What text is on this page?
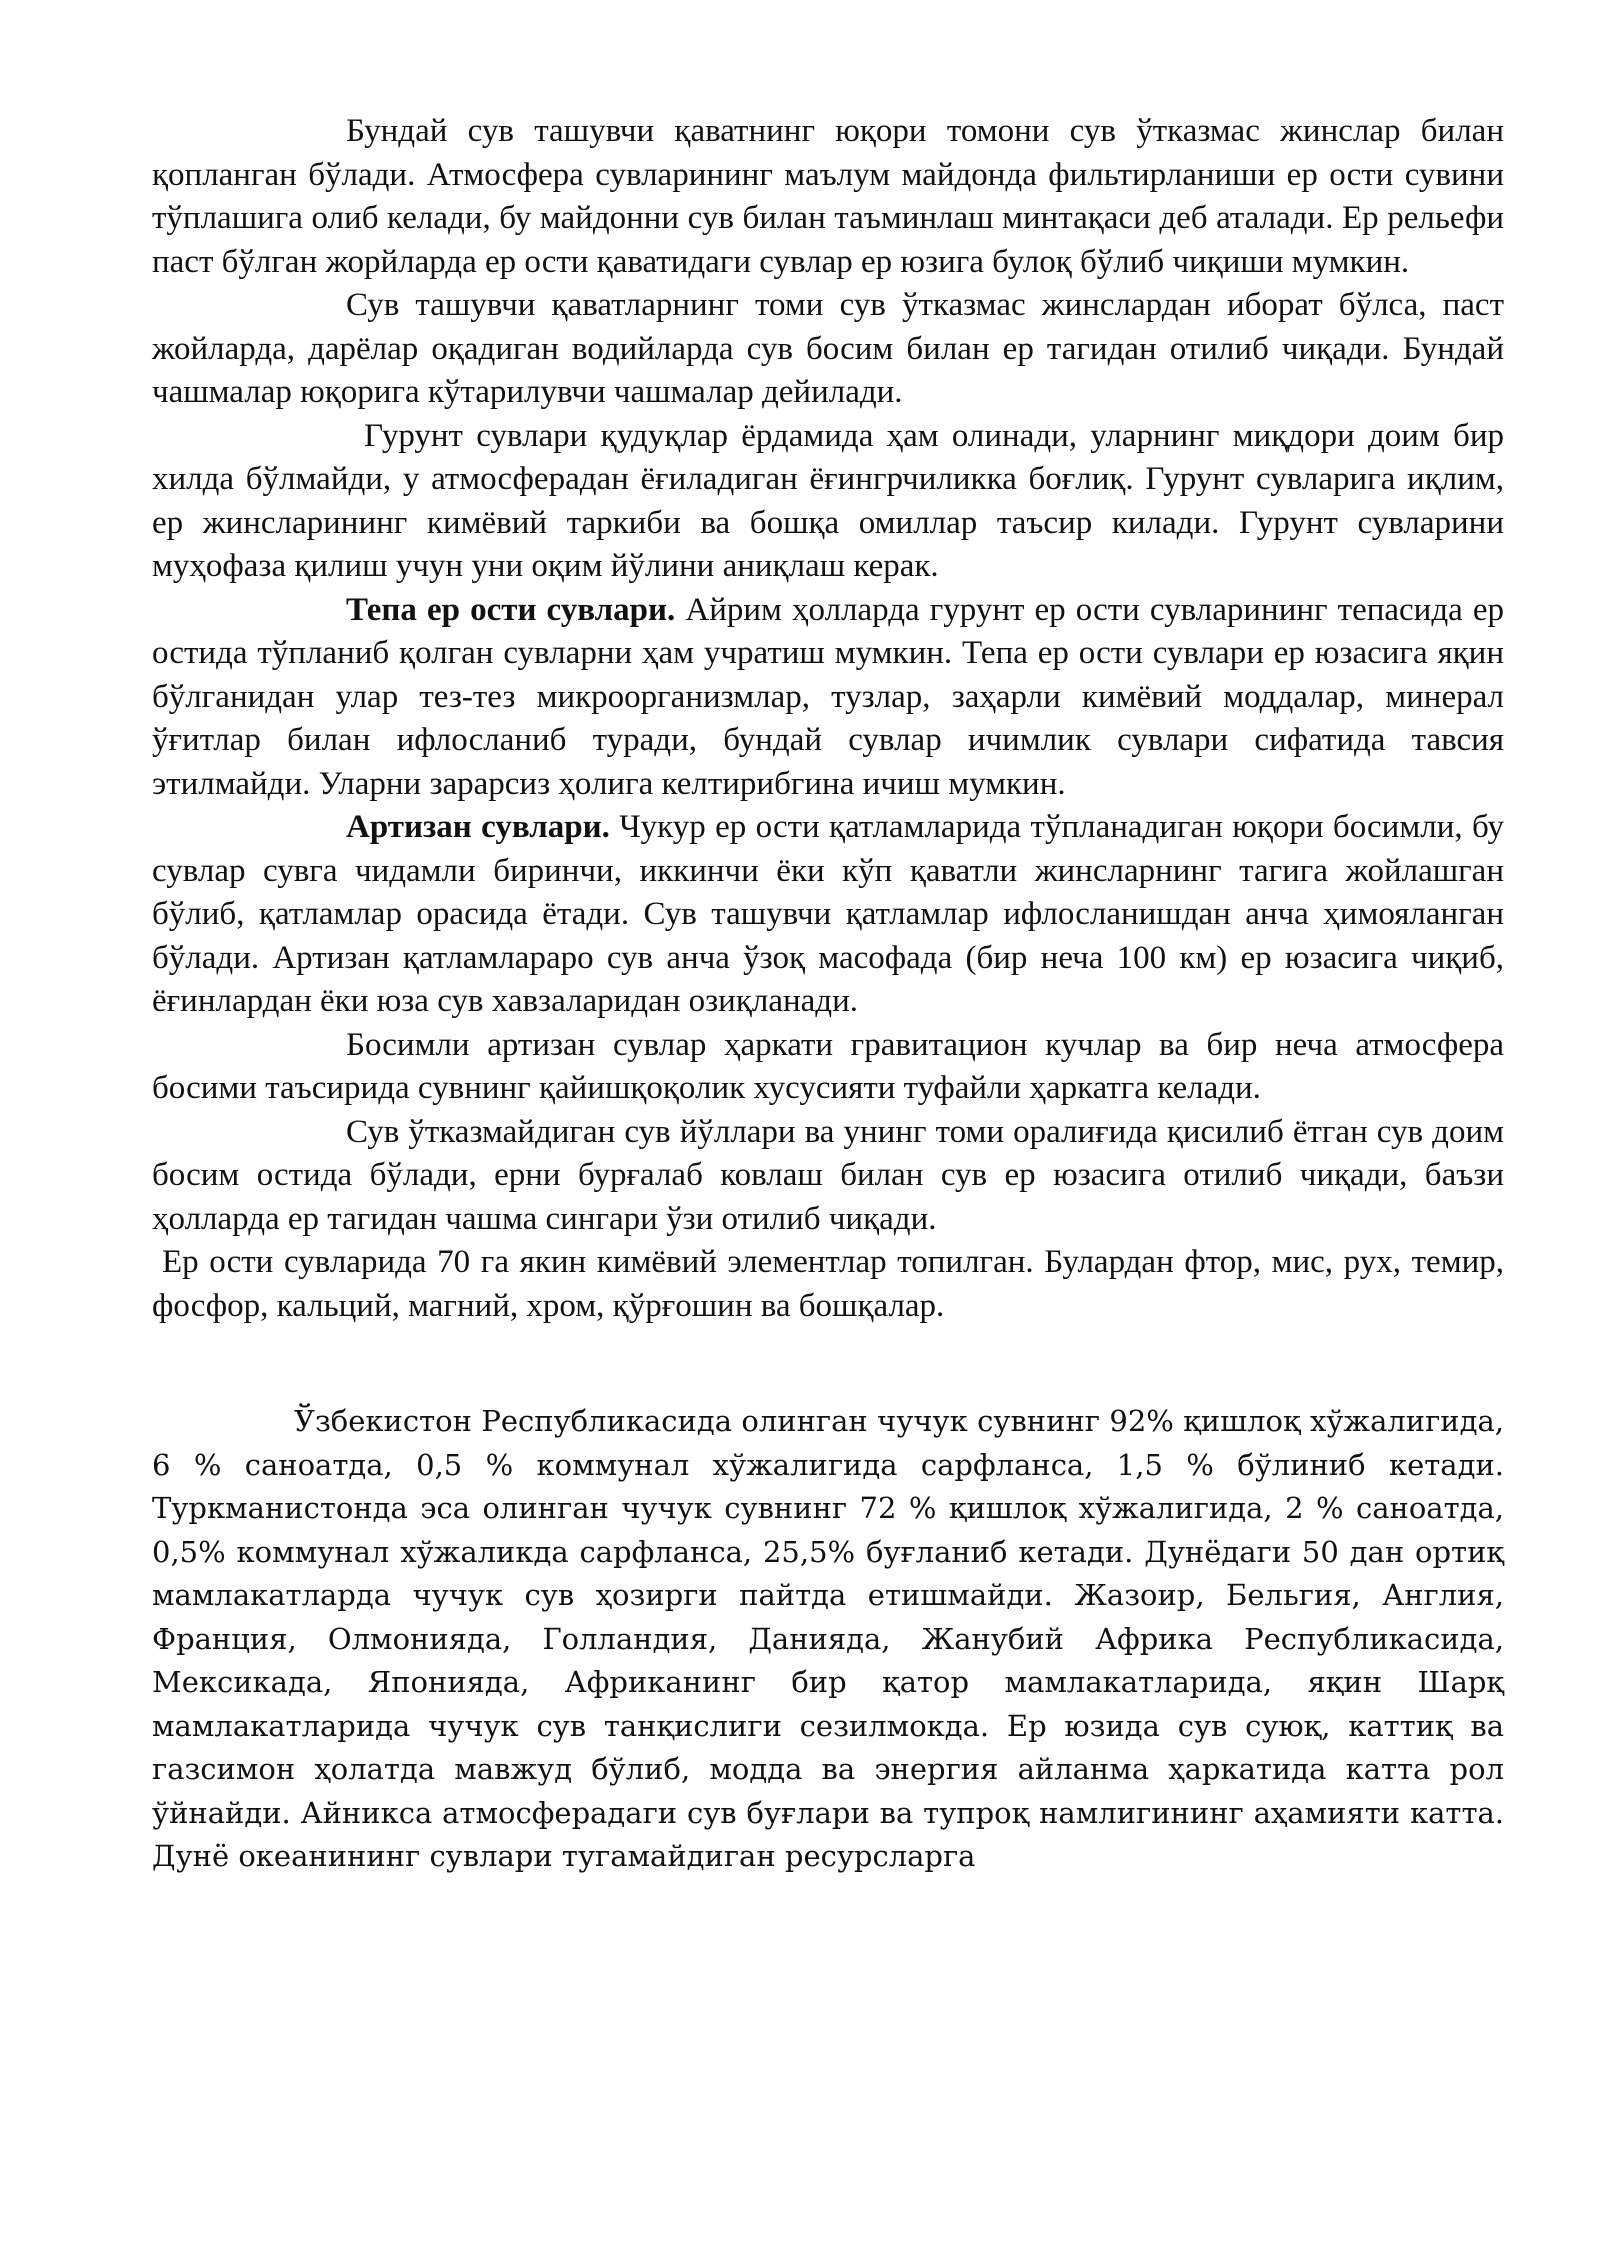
Бундай сув ташувчи қаватнинг юқори томони сув ўтказмас жинслар билан қопланган бўлади. Атмосфера сувларининг маълум майдонда фильтирланиши ер ости сувини тўплашига олиб келади, бу майдонни сув билан таъминлаш минтақаси деб аталади. Ер рельефи паст бўлган жорйларда ер ости қаватидаги сувлар ер юзига булоқ бўлиб чиқиши мумкин.

Сув ташувчи қаватларнинг томи сув ўтказмас жинслардан иборат бўлса, паст жойларда, дарёлар оқадиган водийларда сув босим билан ер тагидан отилиб чиқади. Бундай чашмалар юқорига кўтарилувчи чашмалар дейилади.

Гурунт сувлари қудуқлар ёрдамида ҳам олинади, уларнинг миқдори доим бир хилда бўлмайди, у атмосферадан ёғиладиган ёғингрчиликка боғлиқ. Гурунт сувларига иқлим, ер жинсларининг кимёвий таркиби ва бошқа омиллар таъсир килади. Гурунт сувларини муҳофаза қилиш учун уни оқим йўлини аниқлаш керак.

Тепа ер ости сувлари. Айрим ҳолларда гурунт ер ости сувларининг тепасида ер остида тўпланиб қолган сувларни ҳам учратиш мумкин. Тепа ер ости сувлари ер юзасига яқин бўлганидан улар тез-тез микроорганизмлар, тузлар, заҳарли кимёвий моддалар, минерал ўғитлар билан ифлосланиб туради, бундай сувлар ичимлик сувлари сифатида тавсия этилмайди. Уларни зарарсиз ҳолига келтирибгина ичиш мумкин.

Артизан сувлари. Чукур ер ости қатламларида тўпланадиган юқори босимли, бу сувлар сувга чидамли биринчи, иккинчи ёки кўп қаватли жинсларнинг тагига жойлашган бўлиб, қатламлар орасида ётади. Сув ташувчи қатламлар ифлосланишдан анча ҳимояланган бўлади. Артизан қатламлараро сув анча ўзоқ масофада (бир неча 100 км) ер юзасига чиқиб, ёғинлардан ёки юза сув хавзаларидан озиқланади.

Босимли артизан сувлар ҳаркати гравитацион кучлар ва бир неча атмосфера босими таъсирида сувнинг қайишқоқолик хусусияти туфайли ҳаркатга келади.

Сув ўтказмайдиган сув йўллари ва унинг томи оралиғида қисилиб ётган сув доим босим остида бўлади, ерни бурғалаб ковлаш билан сув ер юзасига отилиб чиқади, баъзи ҳолларда ер тагидан чашма сингари ўзи отилиб чиқади.

Ер ости сувларида 70 га якин кимёвий элементлар топилган. Булардан фтор, мис, рух, темир, фосфор, кальций, магний, хром, қўрғошин ва бошқалар.

Ўзбекистон Республикасида олинган чучук сувнинг 92% қишлоқ хўжалигида, 6 % саноатда, 0,5 % коммунал хўжалигида сарфланса, 1,5 % бўлиниб кетади. Туркманистонда эса олинган чучук сувнинг 72 % қишлоқ хўжалигида, 2 % саноатда, 0,5% коммунал хўжаликда сарфланса, 25,5% буғланиб кетади. Дунёдаги 50 дан ортиқ мамлакатларда чучук сув ҳозирги пайтда етишмайди. Жазоир, Бельгия, Англия, Франция, Олмонияда, Голландия, Данияда, Жанубий Африка Республикасида, Мексикада, Японияда, Африканинг бир қатор мамлакатларида, яқин Шарқ мамлакатларида чучук сув танқислиги сезилмокда. Ер юзида сув суюқ, каттиқ ва газсимон ҳолатда мавжуд бўлиб, модда ва энергия айланма ҳаркатида катта рол ўйнайди. Айникса атмосферадаги сув буғлари ва тупроқ намлигининг аҳамияти катта. Дунё океанининг сувлари тугамайдиган ресурсларга
